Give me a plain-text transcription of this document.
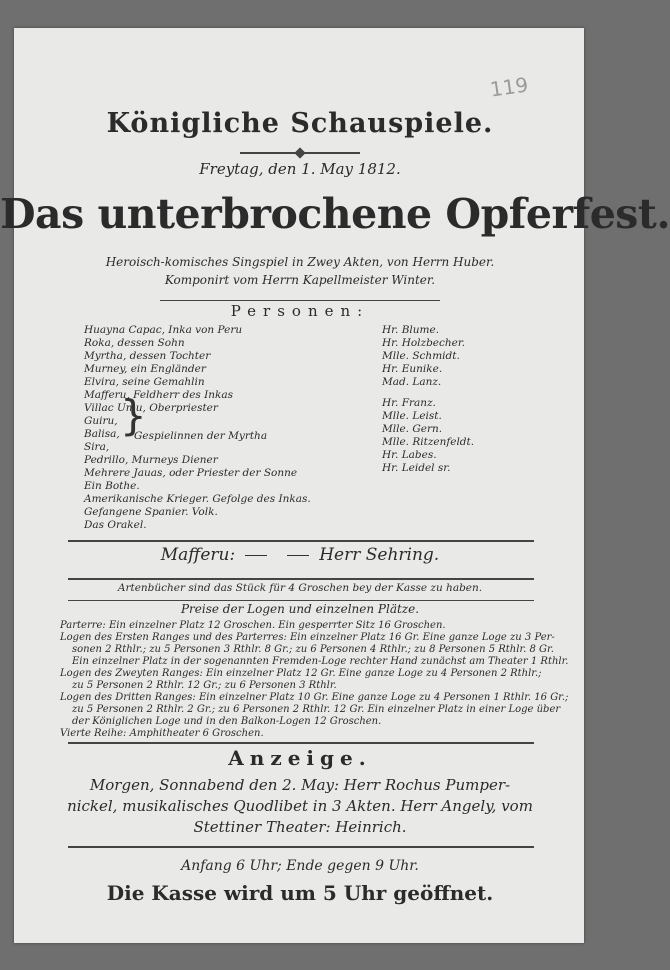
119
Königliche Schauspiele.
Freytag, den 1. May 1812.
Das unterbrochene Opferfest.
Heroisch-komisches Singspiel in Zwey Akten, von Herrn Huber.
Komponirt vom Herrn Kapellmeister Winter.
Personen:
Huayna Capac, Inka von Peru
Roka, dessen Sohn
Myrtha, dessen Tochter
Murney, ein Engländer
Elvira, seine Gemahlin
Mafferu, Feldherr des Inkas
Villac Umu, Oberpriester
Guiru,
Balisa,
Sira,
}
Gespielinnen der Myrtha
Pedrillo, Murneys Diener
Mehrere Jauas, oder Priester der Sonne
Ein Bothe.
Amerikanische Krieger. Gefolge des Inkas.
Gefangene Spanier. Volk.
Das Orakel.
Hr. Blume.
Hr. Holzbecher.
Mlle. Schmidt.
Hr. Eunike.
Mad. Lanz.
Hr. Franz.
Mlle. Leist.
Mlle. Gern.
Mlle. Ritzenfeldt.
Hr. Labes.
Hr. Leidel sr.
Mafferu:	Herr Sehring.
Artenbücher sind das Stück für 4 Groschen bey der Kasse zu haben.
Preise der Logen und einzelnen Plätze.
Parterre: Ein einzelner Platz 12 Groschen. Ein gesperrter Sitz 16 Groschen.
Logen des Ersten Ranges und des Parterres: Ein einzelner Platz 16 Gr. Eine ganze Loge zu 3 Per-
sonen 2 Rthlr.; zu 5 Personen 3 Rthlr. 8 Gr.; zu 6 Personen 4 Rthlr.; zu 8 Personen 5 Rthlr. 8 Gr.
Ein einzelner Platz in der sogenannten Fremden-Loge rechter Hand zunächst am Theater 1 Rthlr.
Logen des Zweyten Ranges: Ein einzelner Platz 12 Gr. Eine ganze Loge zu 4 Personen 2 Rthlr.;
zu 5 Personen 2 Rthlr. 12 Gr.; zu 6 Personen 3 Rthlr.
Logen des Dritten Ranges: Ein einzelner Platz 10 Gr. Eine ganze Loge zu 4 Personen 1 Rthlr. 16 Gr.;
zu 5 Personen 2 Rthlr. 2 Gr.; zu 6 Personen 2 Rthlr. 12 Gr. Ein einzelner Platz in einer Loge über
der Königlichen Loge und in den Balkon-Logen 12 Groschen.
Vierte Reihe: Amphitheater 6 Groschen.
Anzeige.
Morgen, Sonnabend den 2. May: Herr Rochus Pumper-
nickel, musikalisches Quodlibet in 3 Akten. Herr Angely, vom
Stettiner Theater: Heinrich.
Anfang 6 Uhr; Ende gegen 9 Uhr.
Die Kasse wird um 5 Uhr geöffnet.
